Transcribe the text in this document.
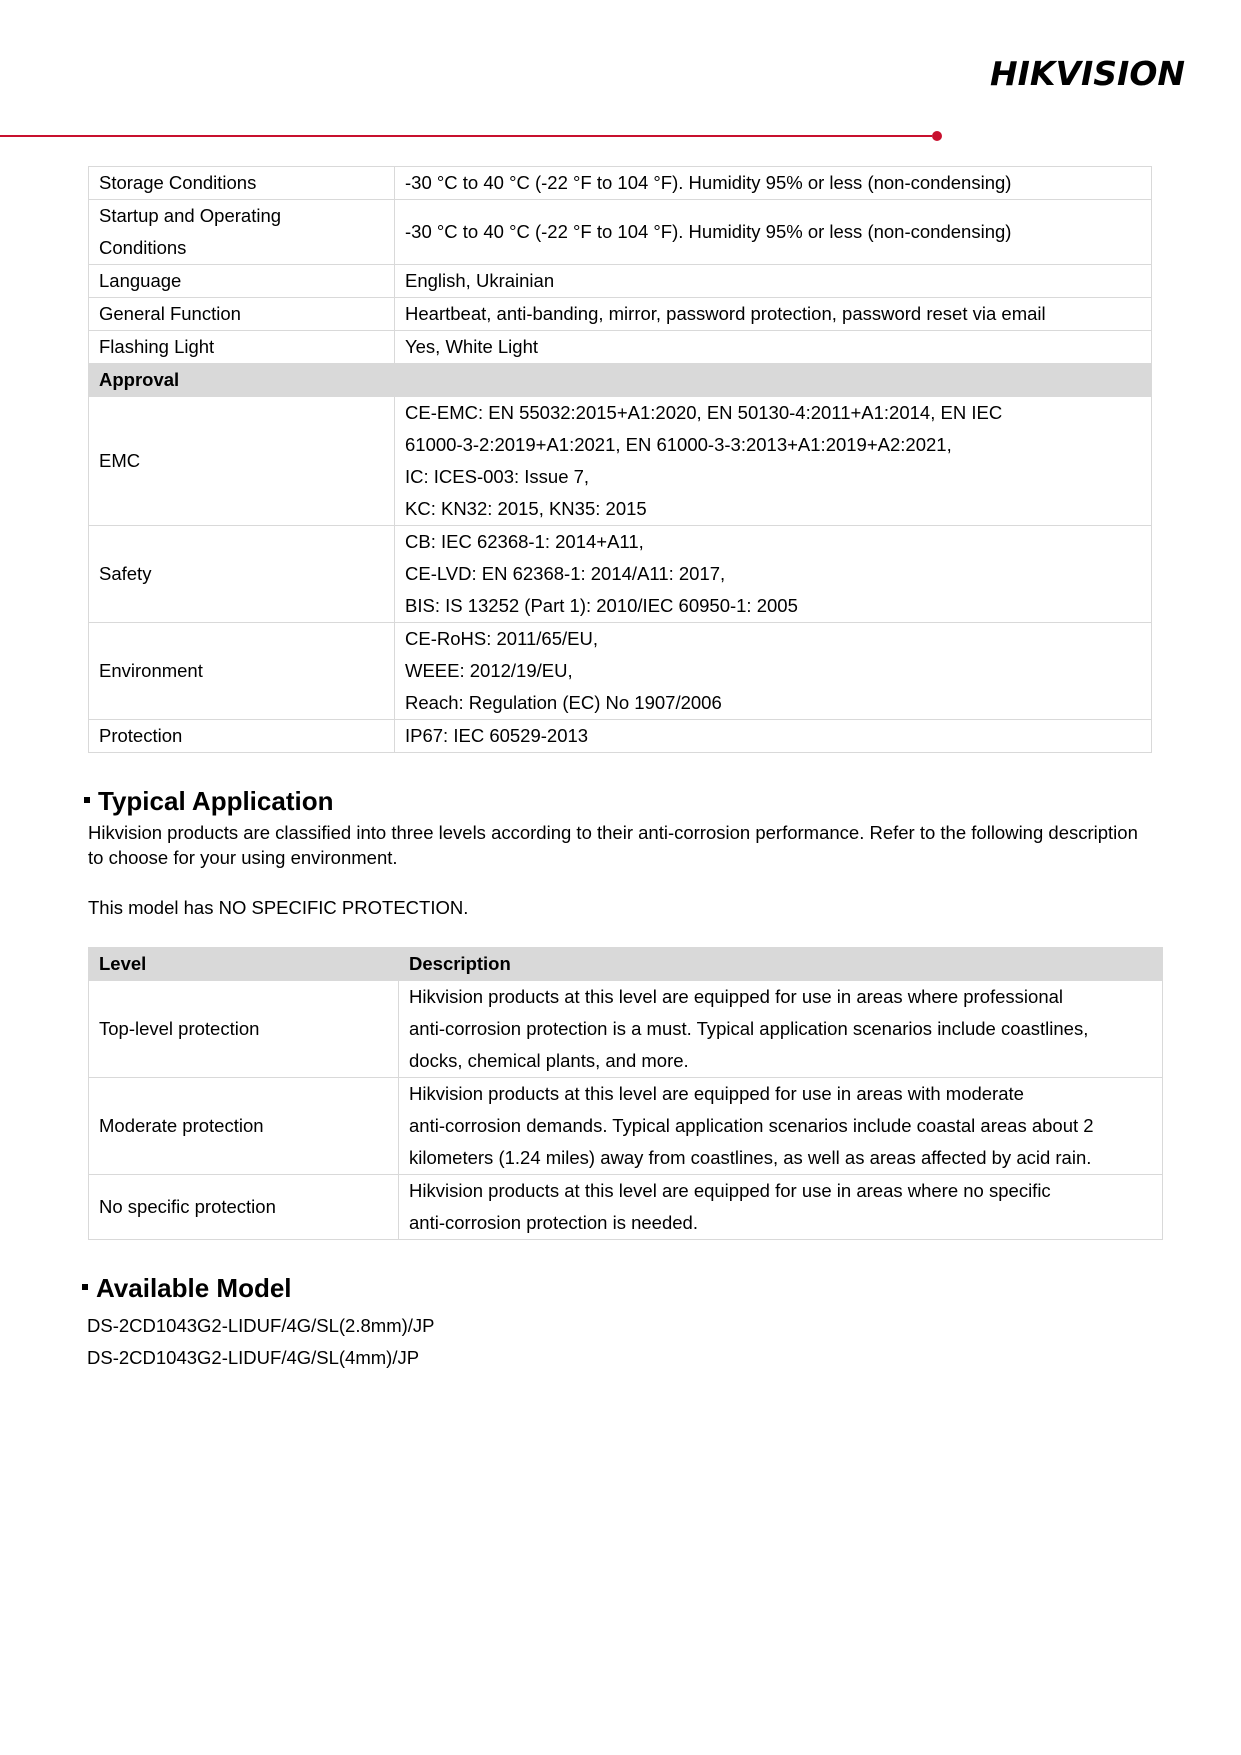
HIKVISION
Storage Conditions	-30 °C to 40 °C (-22 °F to 104 °F). Humidity 95% or less (non-condensing)
Startup and Operating Conditions	-30 °C to 40 °C (-22 °F to 104 °F). Humidity 95% or less (non-condensing)
Language	English, Ukrainian
General Function	Heartbeat, anti-banding, mirror, password protection, password reset via email
Flashing Light	Yes, White Light
Approval	
EMC	CE-EMC: EN 55032:2015+A1:2020, EN 50130-4:2011+A1:2014, EN IEC
61000-3-2:2019+A1:2021, EN 61000-3-3:2013+A1:2019+A2:2021,
IC: ICES-003: Issue 7,
KC: KN32: 2015, KN35: 2015

Safety	CB: IEC 62368-1: 2014+A11,
CE-LVD: EN 62368-1: 2014/A11: 2017,
BIS: IS 13252 (Part 1): 2010/IEC 60950-1: 2005

Environment	CE-RoHS: 2011/65/EU,
WEEE: 2012/19/EU,
Reach: Regulation (EC) No 1907/2006

Protection	IP67: IEC 60529-2013
Typical Application

Hikvision products are classified into three levels according to their anti-corrosion performance. Refer to the following description to choose for your using environment.

This model has NO SPECIFIC PROTECTION.

Level	Description
Top-level protection	Hikvision products at this level are equipped for use in areas where professional
anti-corrosion protection is a must. Typical application scenarios include coastlines,
docks, chemical plants, and more.

Moderate protection	Hikvision products at this level are equipped for use in areas with moderate
anti-corrosion demands. Typical application scenarios include coastal areas about 2
kilometers (1.24 miles) away from coastlines, as well as areas affected by acid rain.

No specific protection	Hikvision products at this level are equipped for use in areas where no specific
anti-corrosion protection is needed.
Available Model
DS-2CD1043G2-LIDUF/4G/SL(2.8mm)/JP
DS-2CD1043G2-LIDUF/4G/SL(4mm)/JP
